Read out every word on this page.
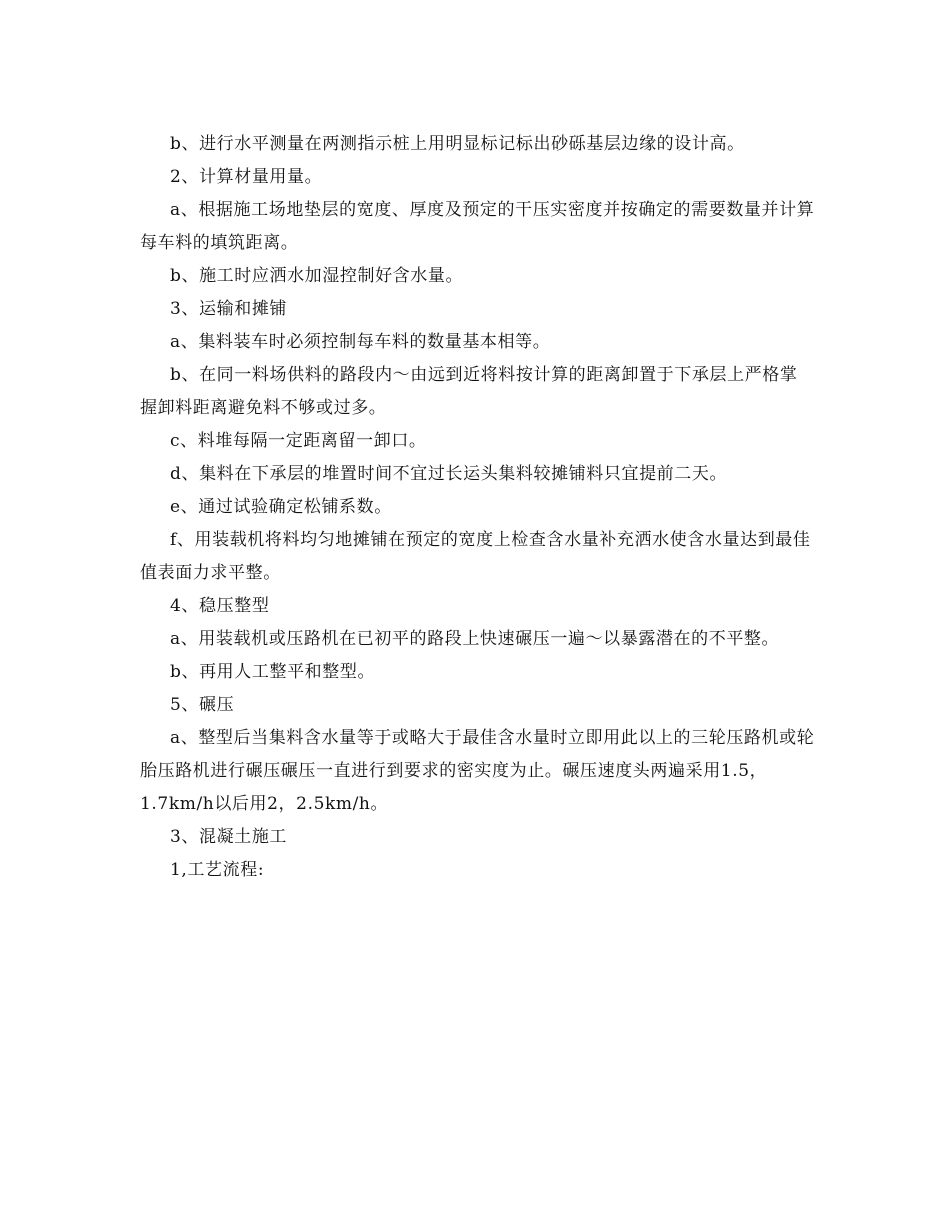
b、进行水平测量在两测指示桩上用明显标记标出砂砾基层边缘的设计高。

2、计算材量用量。

a、根据施工场地垫层的宽度、厚度及预定的干压实密度并按确定的需要数量并计算每车料的填筑距离。

b、施工时应洒水加湿控制好含水量。

3、运输和摊铺

a、集料装车时必须控制每车料的数量基本相等。

b、在同一料场供料的路段内～由远到近将料按计算的距离卸置于下承层上严格掌握卸料距离避免料不够或过多。

c、料堆每隔一定距离留一卸口。

d、集料在下承层的堆置时间不宜过长运头集料较摊铺料只宜提前二天。

e、通过试验确定松铺系数。

f、用装载机将料均匀地摊铺在预定的宽度上检查含水量补充洒水使含水量达到最佳值表面力求平整。

4、稳压整型

a、用装载机或压路机在已初平的路段上快速碾压一遍～以暴露潜在的不平整。

b、再用人工整平和整型。

5、碾压

a、整型后当集料含水量等于或略大于最佳含水量时立即用此以上的三轮压路机或轮胎压路机进行碾压碾压一直进行到要求的密实度为止。碾压速度头两遍采用1.5，1.7km/h以后用2，2.5km/h。

3、混凝土施工

1,工艺流程:
